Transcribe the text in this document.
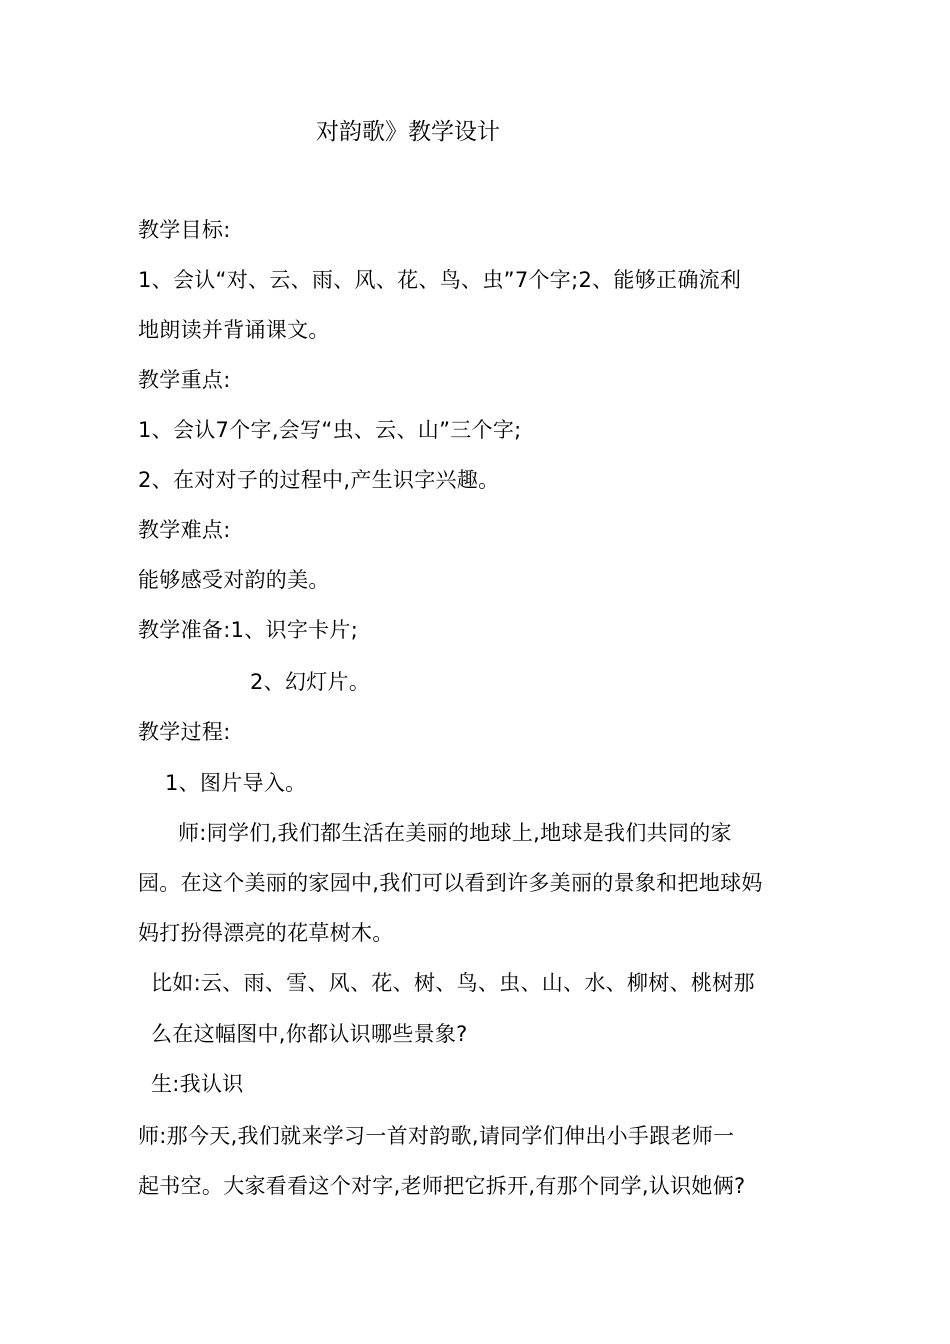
对韵歌》教学设计
教学目标:
1、会认“对、云、雨、风、花、鸟、虫”7个字;2、能够正确流利
地朗读并背诵课文。
教学重点:
1、会认7个字,会写“虫、云、山”三个字;
2、在对对子的过程中,产生识字兴趣。
教学难点:
能够感受对韵的美。
教学准备:1、识字卡片;
2、幻灯片。
教学过程:
1、图片导入。
师:同学们,我们都生活在美丽的地球上,地球是我们共同的家
园。在这个美丽的家园中,我们可以看到许多美丽的景象和把地球妈
妈打扮得漂亮的花草树木。
比如:云、雨、雪、风、花、树、鸟、虫、山、水、柳树、桃树那
么在这幅图中,你都认识哪些景象?
生:我认识
师:那今天,我们就来学习一首对韵歌,请同学们伸出小手跟老师一
起书空。大家看看这个对字,老师把它拆开,有那个同学,认识她俩?
